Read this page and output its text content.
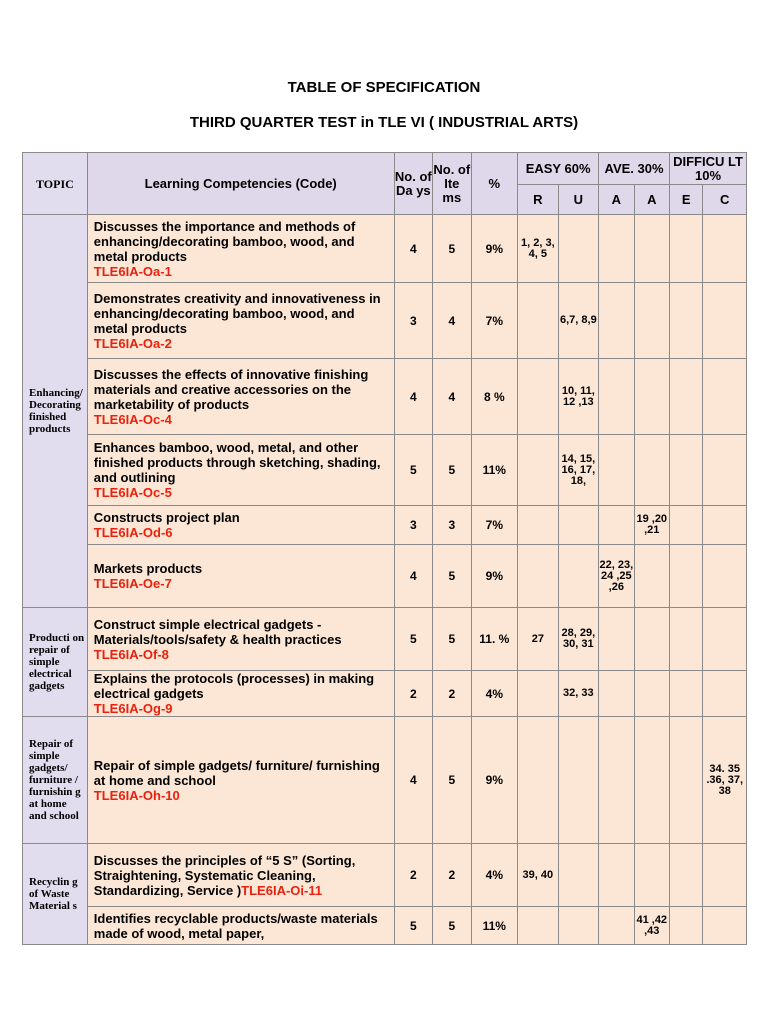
TABLE OF SPECIFICATION
THIRD QUARTER TEST in TLE VI ( INDUSTRIAL ARTS)
TOPIC	Learning Competencies (Code)	No. of Da ys	No. of Ite ms	%	EASY 60%		AVE. 30%		DIFFICU LT 10%	
					R	U	A	A	E	C
Enhancing/ Decorating finished products	Discusses the importance and methods of enhancing/decorating bamboo, wood, and metal products
TLE6IA-Oa-1	4	5	9%	1, 2, 3, 4, 5					
	Demonstrates creativity and innovativeness in enhancing/decorating bamboo, wood, and metal products
TLE6IA-Oa-2	3	4	7%		6,7, 8,9				
	Discusses the effects of innovative finishing materials and creative accessories on the marketability of products
TLE6IA-Oc-4	4	4	8 %		10, 11, 12 ,13				
	Enhances bamboo, wood, metal, and other finished products through sketching, shading, and outlining
TLE6IA-Oc-5	5	5	11%		14, 15, 16, 17, 18,				
	Constructs project plan
TLE6IA-Od-6	3	3	7%				19 ,20 ,21		
	Markets products
TLE6IA-Oe-7	4	5	9%			22, 23, 24 ,25 ,26			
Producti on repair of simple electrical gadgets	Construct simple electrical gadgets -Materials/tools/safety & health practices
TLE6IA-Of-8	5	5	11. %	27	28, 29, 30, 31				
	Explains the protocols (processes) in making electrical gadgets
TLE6IA-Og-9	2	2	4%		32, 33				
Repair of simple gadgets/ furniture / furnishin g at home and school	Repair of simple gadgets/ furniture/ furnishing at home and school
TLE6IA-Oh-10	4	5	9%						34. 35 .36, 37, 38
Recyclin g of Waste Material s	Discusses the principles of “5 S” (Sorting, Straightening, Systematic Cleaning, Standardizing, Service )TLE6IA-Oi-11	2	2	4%	39, 40					
	Identifies recyclable products/waste materials made of wood, metal paper,	5	5	11%				41 ,42 ,43		
